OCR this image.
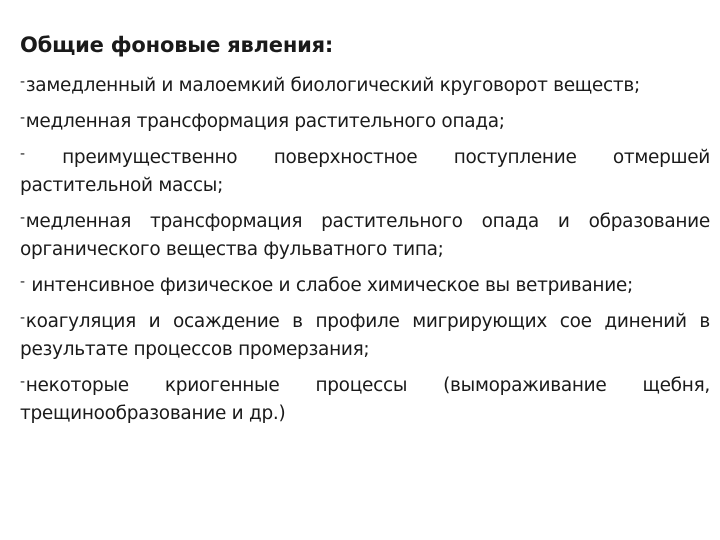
Общие фоновые явления:
-замедленный и малоемкий биологический круговорот веществ;
-медленная трансформация растительного опада;
- преимущественно поверхностное поступление отмершей растительной массы;
-медленная трансформация растительного опада и образование органического вещества фульватного типа;
- интенсивное физическое и слабое химическое вы ветривание;
-коагуляция и осаждение в профиле мигрирующих сое динений в результате процессов промерзания;
-некоторые криогенные процессы (вымораживание щебня, трещинообразование и др.)
